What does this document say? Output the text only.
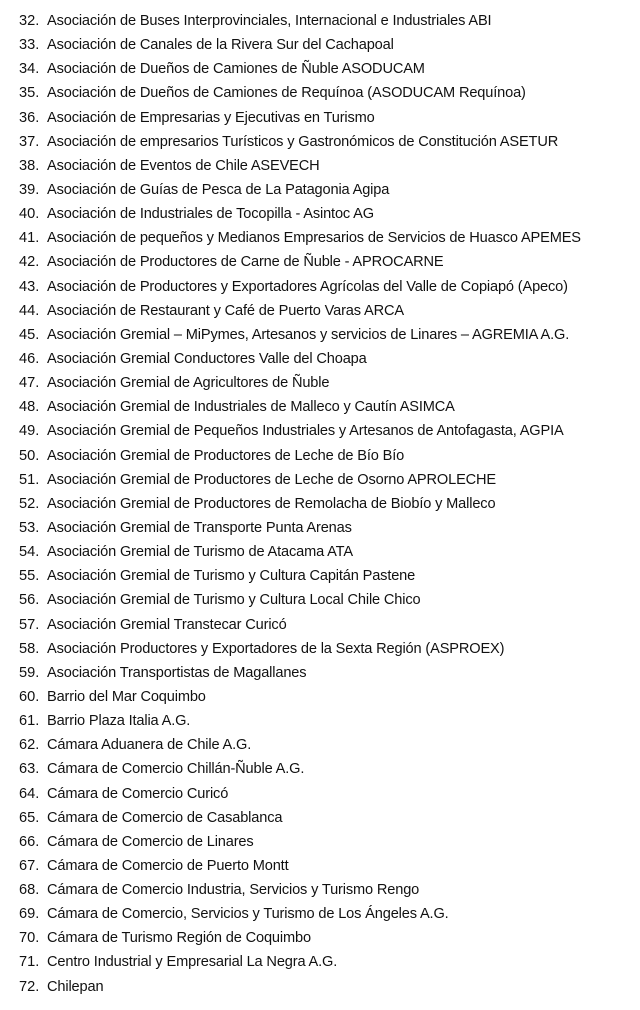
32. Asociación de Buses Interprovinciales, Internacional e Industriales ABI
33. Asociación de Canales de la Rivera Sur del Cachapoal
34. Asociación de Dueños de Camiones de Ñuble ASODUCAM
35. Asociación de Dueños de Camiones de Requínoa (ASODUCAM Requínoa)
36. Asociación de Empresarias y Ejecutivas en Turismo
37. Asociación de empresarios Turísticos y Gastronómicos de Constitución ASETUR
38. Asociación de Eventos de Chile ASEVECH
39. Asociación de Guías de Pesca de La Patagonia Agipa
40. Asociación de Industriales de Tocopilla - Asintoc AG
41. Asociación de pequeños y Medianos Empresarios de Servicios de Huasco APEMES
42. Asociación de Productores de Carne de Ñuble - APROCARNE
43. Asociación de Productores y Exportadores Agrícolas del Valle de Copiapó (Apeco)
44. Asociación de Restaurant y Café de Puerto Varas ARCA
45. Asociación Gremial – MiPymes, Artesanos y servicios de Linares – AGREMIA A.G.
46. Asociación Gremial Conductores Valle del Choapa
47. Asociación Gremial de Agricultores de Ñuble
48. Asociación Gremial de Industriales de Malleco y Cautín ASIMCA
49. Asociación Gremial de Pequeños Industriales y Artesanos de Antofagasta, AGPIA
50. Asociación Gremial de Productores de Leche de Bío Bío
51. Asociación Gremial de Productores de Leche de Osorno APROLECHE
52. Asociación Gremial de Productores de Remolacha de Biobío y Malleco
53. Asociación Gremial de Transporte Punta Arenas
54. Asociación Gremial de Turismo de Atacama ATA
55. Asociación Gremial de Turismo y Cultura Capitán Pastene
56. Asociación Gremial de Turismo y Cultura Local Chile Chico
57. Asociación Gremial Transtecar Curicó
58. Asociación Productores y Exportadores de la Sexta Región (ASPROEX)
59. Asociación Transportistas de Magallanes
60. Barrio del Mar Coquimbo
61. Barrio Plaza Italia A.G.
62. Cámara Aduanera de Chile A.G.
63. Cámara de Comercio Chillán-Ñuble A.G.
64. Cámara de Comercio Curicó
65. Cámara de Comercio de Casablanca
66. Cámara de Comercio de Linares
67. Cámara de Comercio de Puerto Montt
68. Cámara de Comercio Industria, Servicios y Turismo Rengo
69. Cámara de Comercio, Servicios y Turismo de Los Ángeles A.G.
70. Cámara de Turismo Región de Coquimbo
71. Centro Industrial y Empresarial La Negra A.G.
72. Chilepan
